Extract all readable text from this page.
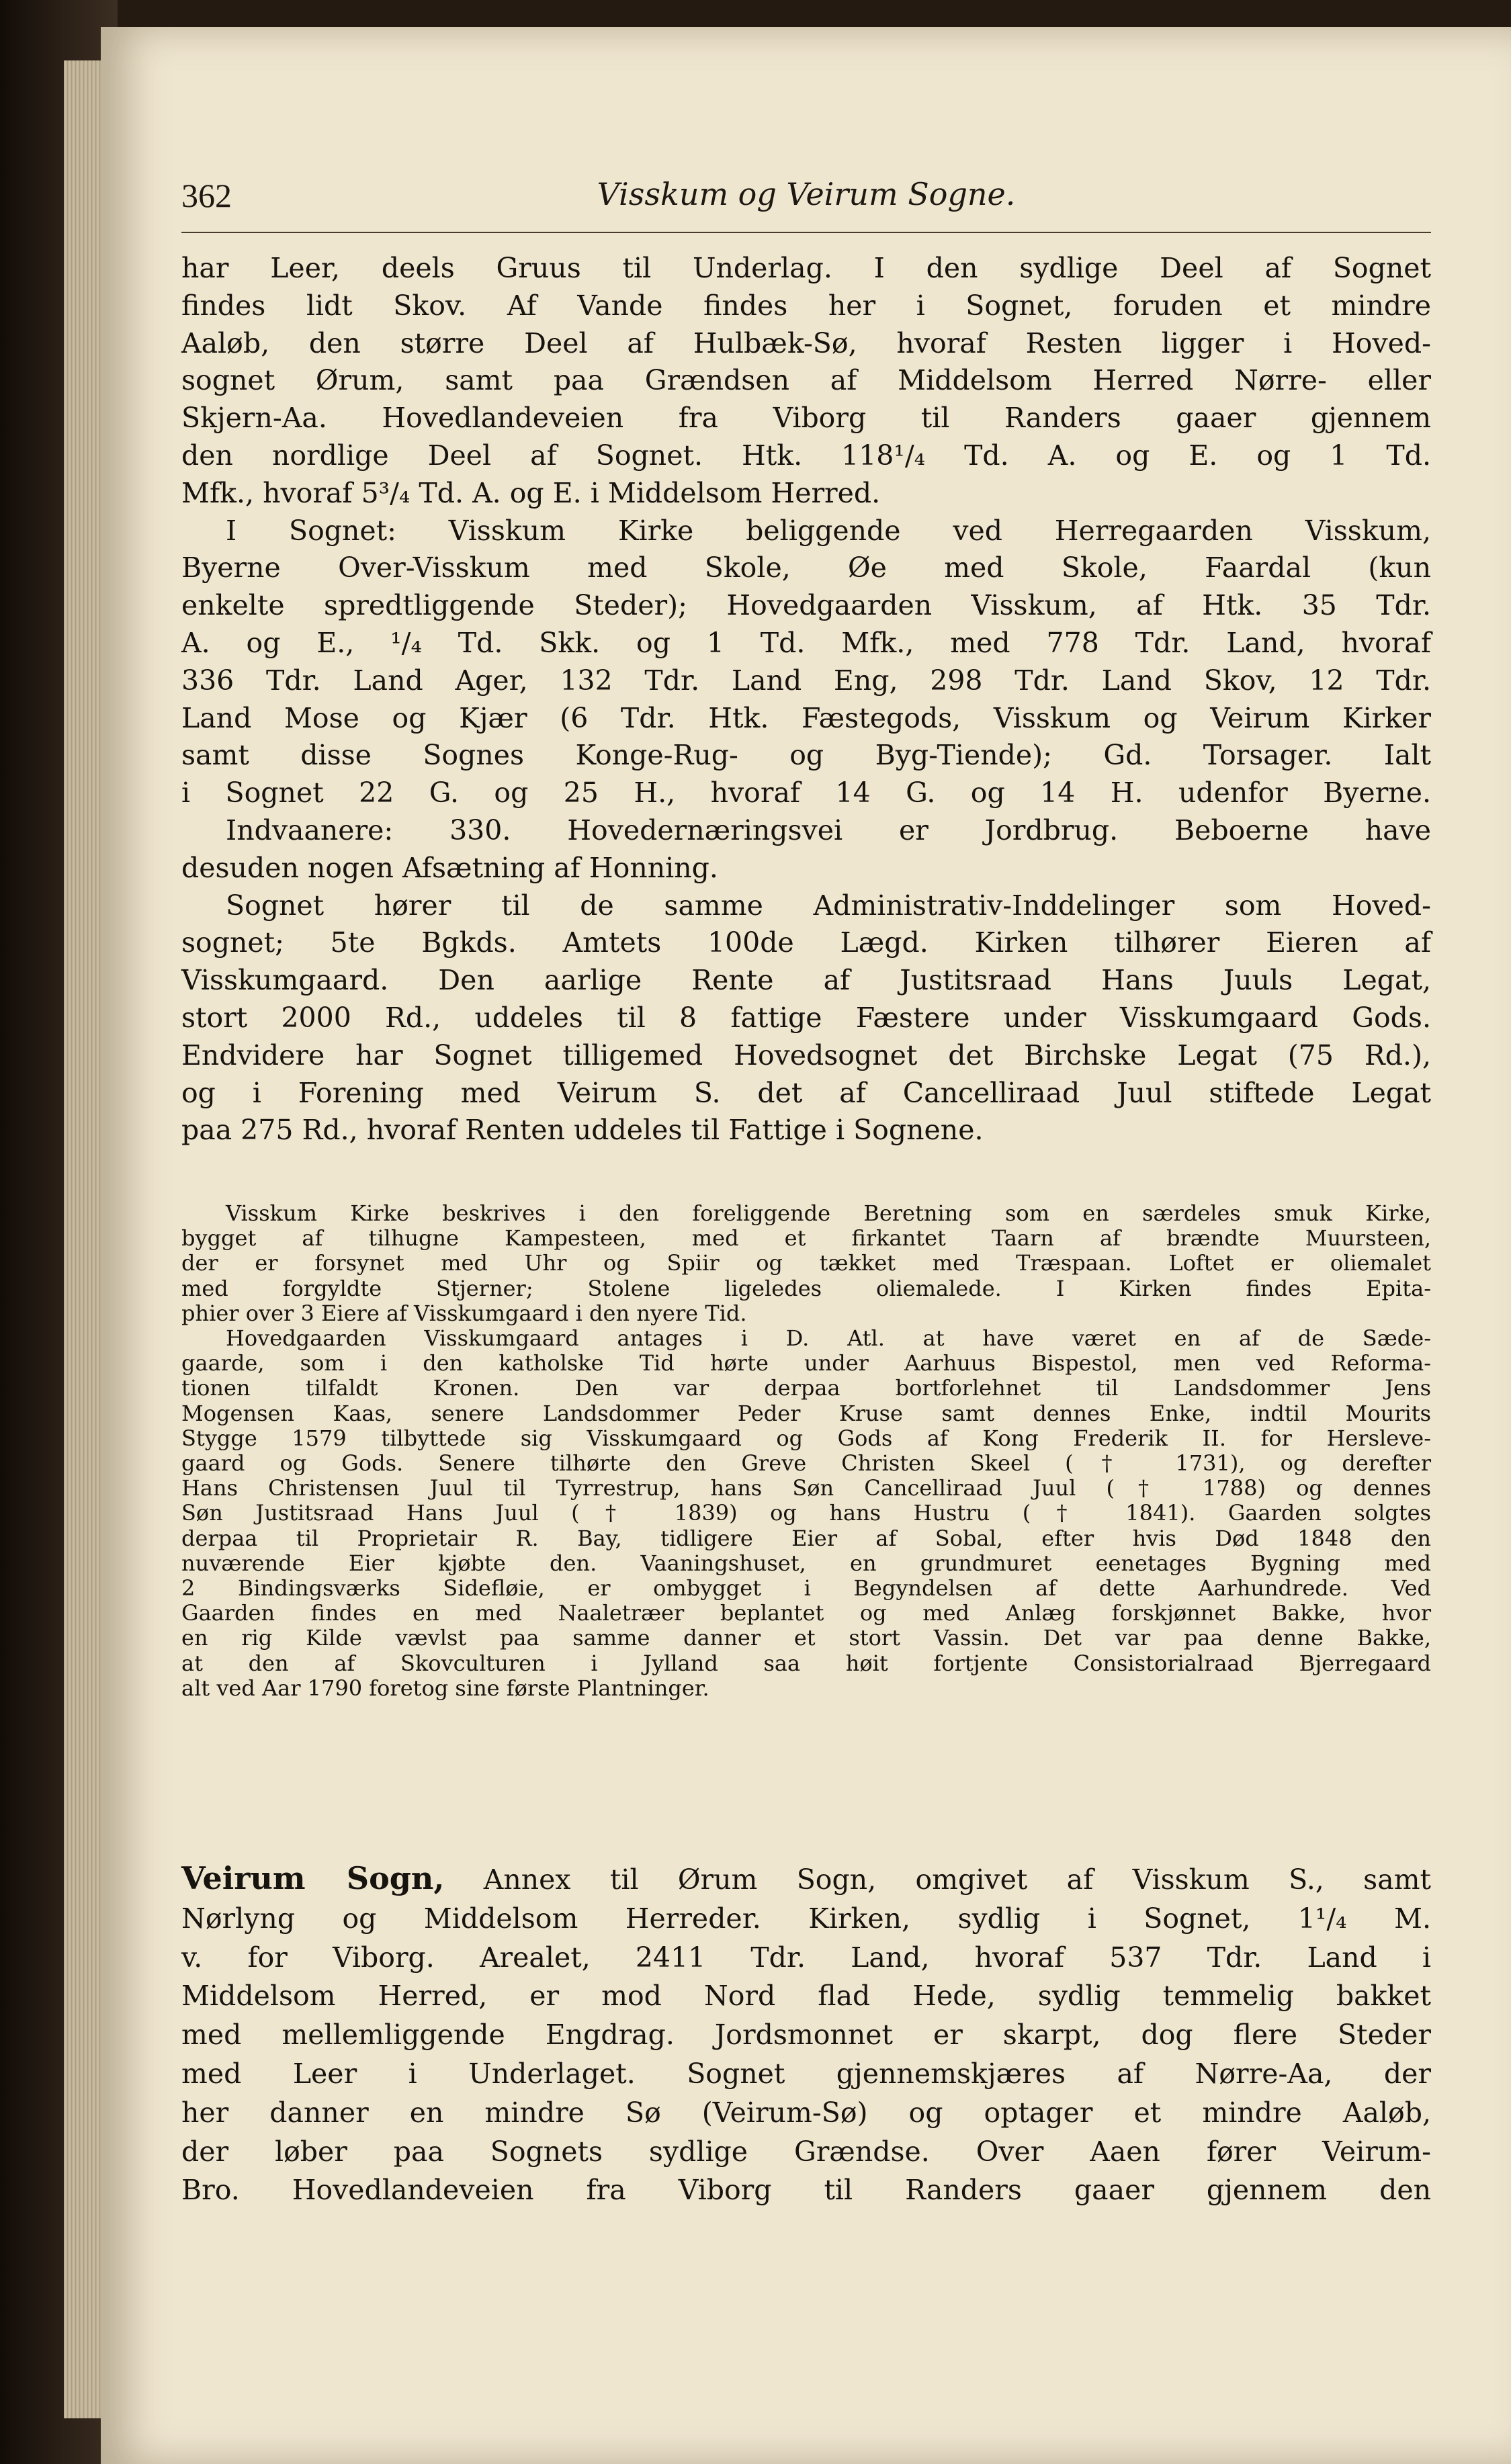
362	Visskum og Veirum Sogne.
har Leer, deels Gruus til Underlag. I den sydlige Deel af Sognet
findes lidt Skov. Af Vande findes her i Sognet, foruden et mindre
Aaløb, den større Deel af Hulbæk-Sø, hvoraf Resten ligger i Hoved-
sognet Ørum, samt paa Grændsen af Middelsom Herred Nørre- eller
Skjern-Aa. Hovedlandeveien fra Viborg til Randers gaaer gjennem
den nordlige Deel af Sognet. Htk. 118¹/₄ Td. A. og E. og 1 Td.
Mfk., hvoraf 5³/₄ Td. A. og E. i Middelsom Herred.
I Sognet: Visskum Kirke beliggende ved Herregaarden Visskum,
Byerne Over-Visskum med Skole, Øe med Skole, Faardal (kun
enkelte spredtliggende Steder); Hovedgaarden Visskum, af Htk. 35 Tdr.
A. og E., ¹/₄ Td. Skk. og 1 Td. Mfk., med 778 Tdr. Land, hvoraf
336 Tdr. Land Ager, 132 Tdr. Land Eng, 298 Tdr. Land Skov, 12 Tdr.
Land Mose og Kjær (6 Tdr. Htk. Fæstegods, Visskum og Veirum Kirker
samt disse Sognes Konge-Rug- og Byg-Tiende); Gd. Torsager. Ialt
i Sognet 22 G. og 25 H., hvoraf 14 G. og 14 H. udenfor Byerne.
Indvaanere: 330. Hovedernæringsvei er Jordbrug. Beboerne have
desuden nogen Afsætning af Honning.
Sognet hører til de samme Administrativ-Inddelinger som Hoved-
sognet; 5te Bgkds. Amtets 100de Lægd. Kirken tilhører Eieren af
Visskumgaard. Den aarlige Rente af Justitsraad Hans Juuls Legat,
stort 2000 Rd., uddeles til 8 fattige Fæstere under Visskumgaard Gods.
Endvidere har Sognet tilligemed Hovedsognet det Birchske Legat (75 Rd.),
og i Forening med Veirum S. det af Cancelliraad Juul stiftede Legat
paa 275 Rd., hvoraf Renten uddeles til Fattige i Sognene.
Visskum Kirke beskrives i den foreliggende Beretning som en særdeles smuk Kirke,
bygget af tilhugne Kampesteen, med et firkantet Taarn af brændte Muursteen,
der er forsynet med Uhr og Spiir og tækket med Træspaan. Loftet er oliemalet
med forgyldte Stjerner; Stolene ligeledes oliemalede. I Kirken findes Epita-
phier over 3 Eiere af Visskumgaard i den nyere Tid.
Hovedgaarden Visskumgaard antages i D. Atl. at have været en af de Sæde-
gaarde, som i den katholske Tid hørte under Aarhuus Bispestol, men ved Reforma-
tionen tilfaldt Kronen. Den var derpaa bortforlehnet til Landsdommer Jens
Mogensen Kaas, senere Landsdommer Peder Kruse samt dennes Enke, indtil Mourits
Stygge 1579 tilbyttede sig Visskumgaard og Gods af Kong Frederik II. for Hersleve-
gaard og Gods. Senere tilhørte den Greve Christen Skeel († 1731), og derefter
Hans Christensen Juul til Tyrrestrup, hans Søn Cancelliraad Juul († 1788) og dennes
Søn Justitsraad Hans Juul († 1839) og hans Hustru († 1841). Gaarden solgtes
derpaa til Proprietair R. Bay, tidligere Eier af Sobal, efter hvis Død 1848 den
nuværende Eier kjøbte den. Vaaningshuset, en grundmuret eenetages Bygning med
2 Bindingsværks Sidefløie, er ombygget i Begyndelsen af dette Aarhundrede. Ved
Gaarden findes en med Naaletræer beplantet og med Anlæg forskjønnet Bakke, hvor
en rig Kilde vævlst paa samme danner et stort Vassin. Det var paa denne Bakke,
at den af Skovculturen i Jylland saa høit fortjente Consistorialraad Bjerregaard
alt ved Aar 1790 foretog sine første Plantninger.
Veirum Sogn, Annex til Ørum Sogn, omgivet af Visskum S., samt
Nørlyng og Middelsom Herreder. Kirken, sydlig i Sognet, 1¹/₄ M.
v. for Viborg. Arealet, 2411 Tdr. Land, hvoraf 537 Tdr. Land i
Middelsom Herred, er mod Nord flad Hede, sydlig temmelig bakket
med mellemliggende Engdrag. Jordsmonnet er skarpt, dog flere Steder
med Leer i Underlaget. Sognet gjennemskjæres af Nørre-Aa, der
her danner en mindre Sø (Veirum-Sø) og optager et mindre Aaløb,
der løber paa Sognets sydlige Grændse. Over Aaen fører Veirum-
Bro. Hovedlandeveien fra Viborg til Randers gaaer gjennem den
